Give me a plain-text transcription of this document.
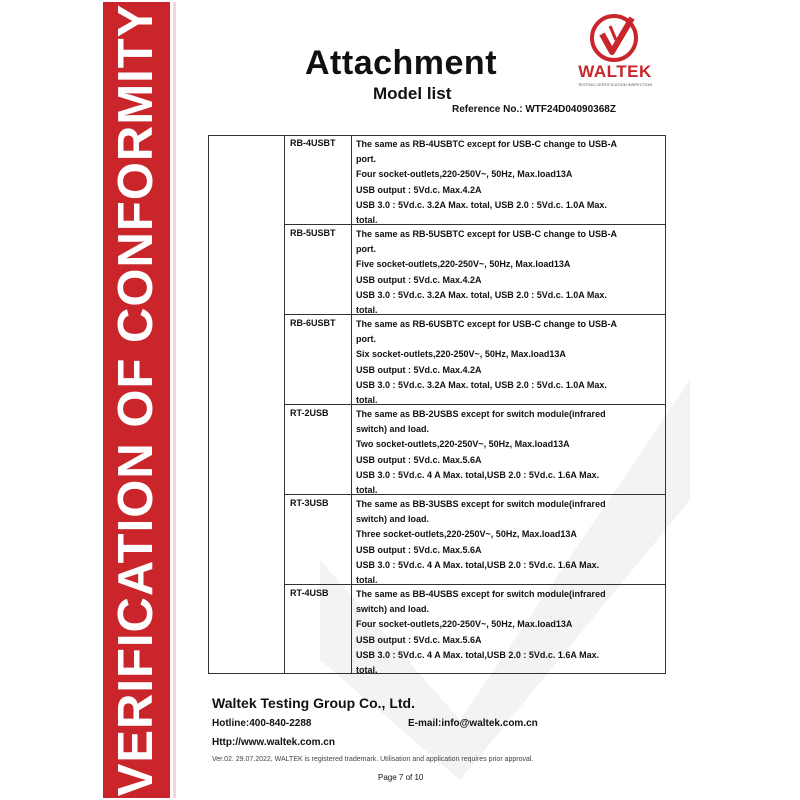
VERIFICATION OF CONFORMITY	Attachment
Model list
Reference No.: WTF24D04090368Z
WALTEK
TESTING CERTIFICATION INSPECTION
RB-4USBT The same as RB-4USBTC except for USB-C change to USB-A
port.
Four socket-outlets,220-250V~, 50Hz, Max.load13A
USB output : 5Vd.c. Max.4.2A
USB 3.0 : 5Vd.c. 3.2A Max. total, USB 2.0 : 5Vd.c. 1.0A Max.
total.
RB-5USBT The same as RB-5USBTC except for USB-C change to USB-A
port.
Five socket-outlets,220-250V~, 50Hz, Max.load13A
USB output : 5Vd.c. Max.4.2A
USB 3.0 : 5Vd.c. 3.2A Max. total, USB 2.0 : 5Vd.c. 1.0A Max.
total.
RB-6USBT The same as RB-6USBTC except for USB-C change to USB-A
port.
Six socket-outlets,220-250V~, 50Hz, Max.load13A
USB output : 5Vd.c. Max.4.2A
USB 3.0 : 5Vd.c. 3.2A Max. total, USB 2.0 : 5Vd.c. 1.0A Max.
total.
RT-2USB	The same as BB-2USBS except for switch module(infrared
switch) and load.
Two socket-outlets,220-250V~, 50Hz, Max.load13A
USB output : 5Vd.c. Max.5.6A
USB 3.0 : 5Vd.c. 4 A Max. total,USB 2.0 : 5Vd.c. 1.6A Max.
total.
RT-3USB	The same as BB-3USBS except for switch module(infrared
switch) and load.
Three socket-outlets,220-250V~, 50Hz, Max.load13A
USB output : 5Vd.c. Max.5.6A
USB 3.0 : 5Vd.c. 4 A Max. total,USB 2.0 : 5Vd.c. 1.6A Max.
total.
RT-4USB	The same as BB-4USBS except for switch module(infrared
switch) and load.
Four socket-outlets,220-250V~, 50Hz, Max.load13A
USB output : 5Vd.c. Max.5.6A
USB 3.0 : 5Vd.c. 4 A Max. total,USB 2.0 : 5Vd.c. 1.6A Max.
total.
Waltek Testing Group Co., Ltd.
Hotline:400-840-2288	E-mail:info@waltek.com.cn
Http://www.waltek.com.cn
Ver.02. 29.07.2022, WALTEK is registered trademark. Utilisation and application requires prior approval.
Page 7 of 10
